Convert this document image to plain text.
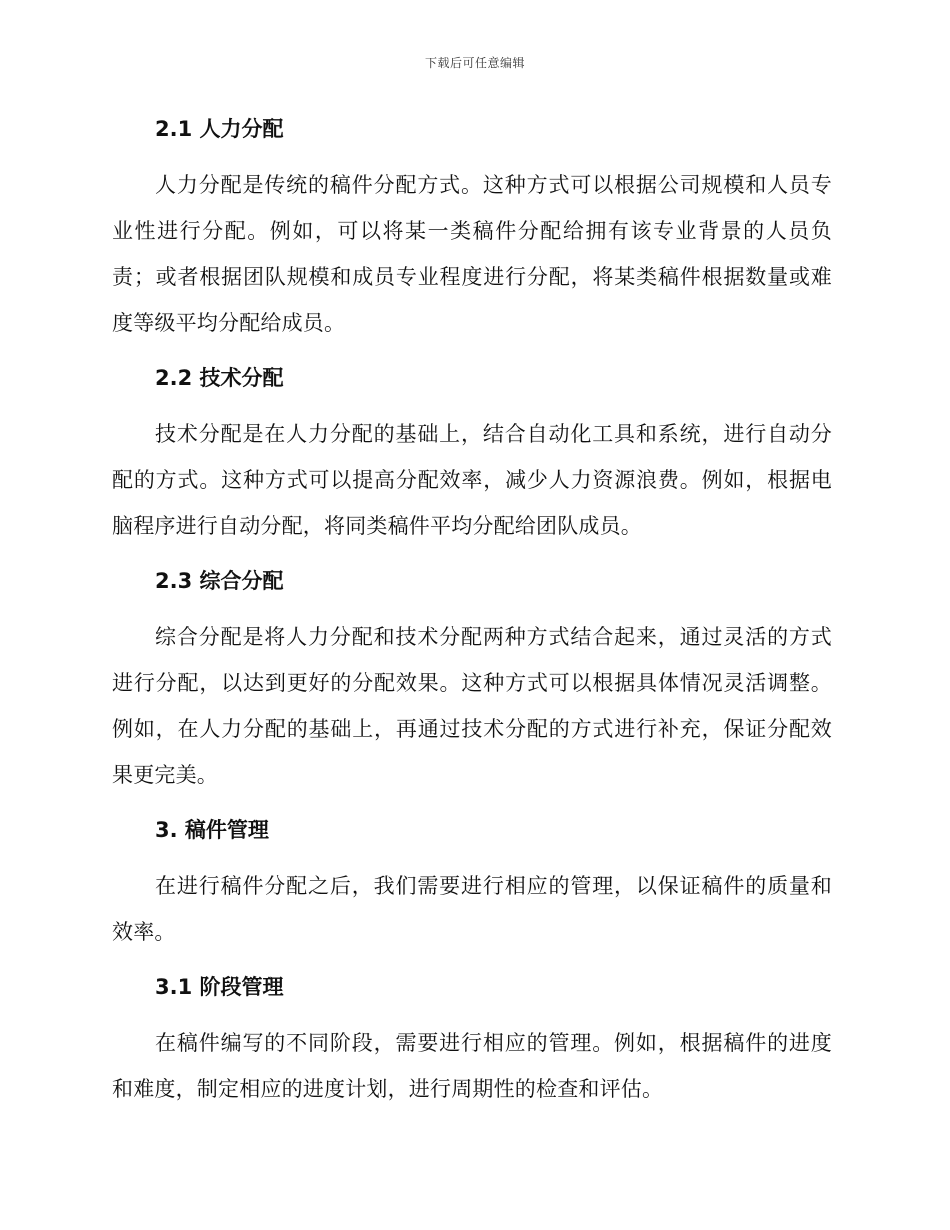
下载后可任意编辑
2.1 人力分配

人力分配是传统的稿件分配方式。这种方式可以根据公司规模和人员专业性进行分配。例如，可以将某一类稿件分配给拥有该专业背景的人员负责；或者根据团队规模和成员专业程度进行分配，将某类稿件根据数量或难度等级平均分配给成员。

2.2 技术分配

技术分配是在人力分配的基础上，结合自动化工具和系统，进行自动分配的方式。这种方式可以提高分配效率，减少人力资源浪费。例如，根据电脑程序进行自动分配，将同类稿件平均分配给团队成员。

2.3 综合分配

综合分配是将人力分配和技术分配两种方式结合起来，通过灵活的方式进行分配，以达到更好的分配效果。这种方式可以根据具体情况灵活调整。例如，在人力分配的基础上，再通过技术分配的方式进行补充，保证分配效果更完美。

3. 稿件管理

在进行稿件分配之后，我们需要进行相应的管理，以保证稿件的质量和效率。

3.1 阶段管理

在稿件编写的不同阶段，需要进行相应的管理。例如，根据稿件的进度和难度，制定相应的进度计划，进行周期性的检查和评估。
